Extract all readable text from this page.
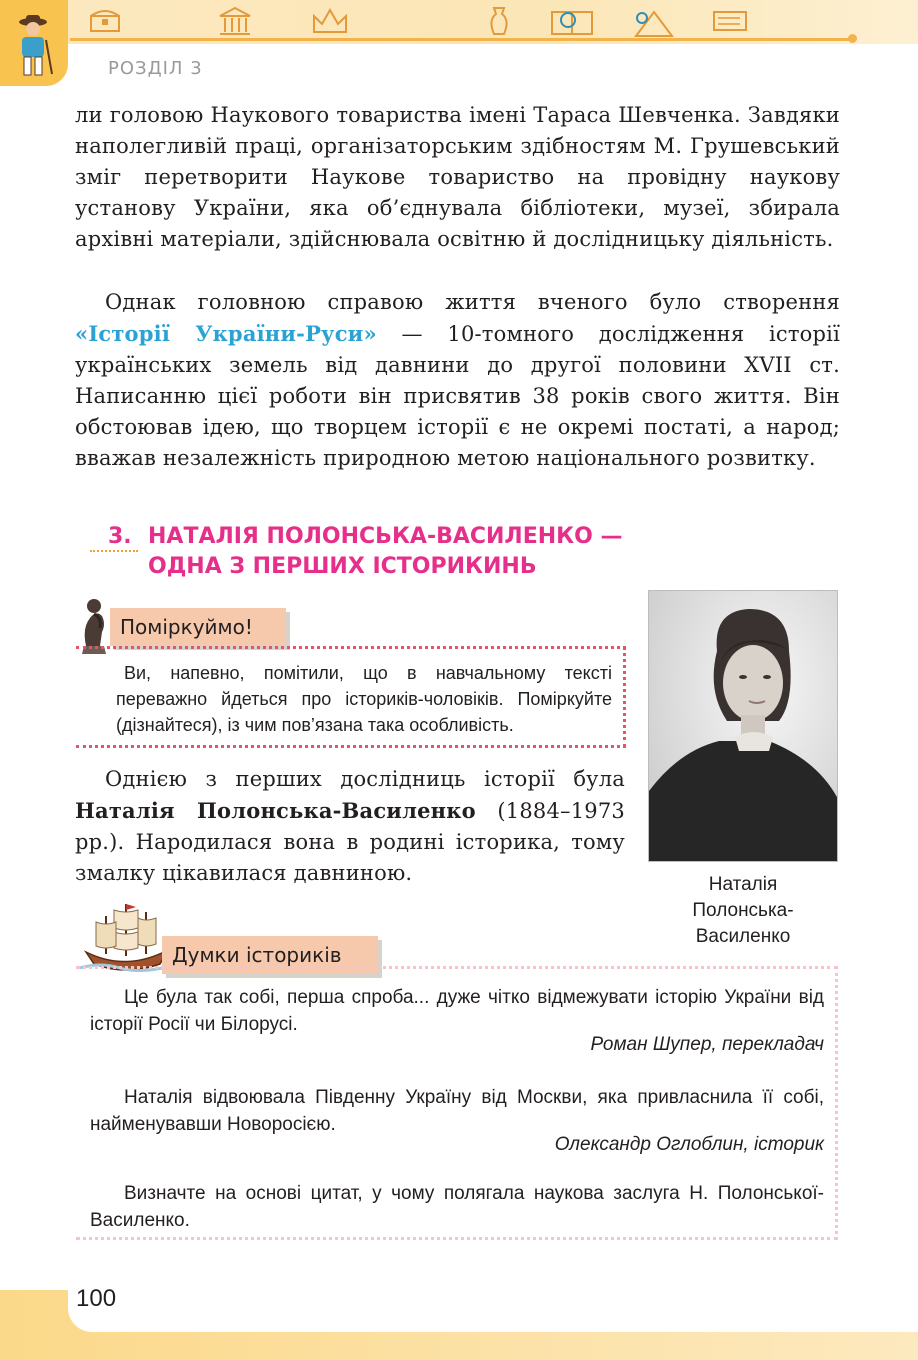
РОЗДІЛ 3

ли головою Наукового товариства імені Тараса Шевченка. Завдяки наполегливій праці, організаторським здібностям М. Грушевський зміг перетворити Наукове товариство на провідну наукову установу України, яка об’єднувала бібліотеки, музеї, збирала архівні матеріали, здійснювала освітню й дослідницьку діяльність.

Однак головною справою життя вченого було створення «Історії України-Руси» — 10-томного дослідження історії українських земель від давнини до другої половини XVII ст. Написанню цієї роботи він присвятив 38 років свого життя. Він обстоював ідею, що творцем історії є не окремі постаті, а народ; вважав незалежність природною метою національного розвитку.

3. НАТАЛІЯ ПОЛОНСЬКА-ВАСИЛЕНКО —
ОДНА З ПЕРШИХ ІСТОРИКИНЬ
Поміркуймо!

Ви, напевно, помітили, що в навчальному тексті переважно йдеться про істориків-чоловіків. Поміркуйте (дізнайтеся), із чим пов’язана така особливість.

Однією з перших дослідниць історії була Наталія Полонська-Василенко (1884–1973 рр.). Народилася вона в родині історика, тому змалку цікавилася давниною.	Наталія
Полонська-
Василенко

Думки істориків

Це була так собі, перша спроба... дуже чітко відмежувати історію України від історії Росії чи Білорусі.

Роман Шупер, перекладач

Наталія відвоювала Південну Україну від Москви, яка привласнила її собі, найменувавши Новоросією.

Олександр Оглоблин, історик

Визначте на основі цитат, у чому полягала наукова заслуга Н. Полонської-Василенко.

100
